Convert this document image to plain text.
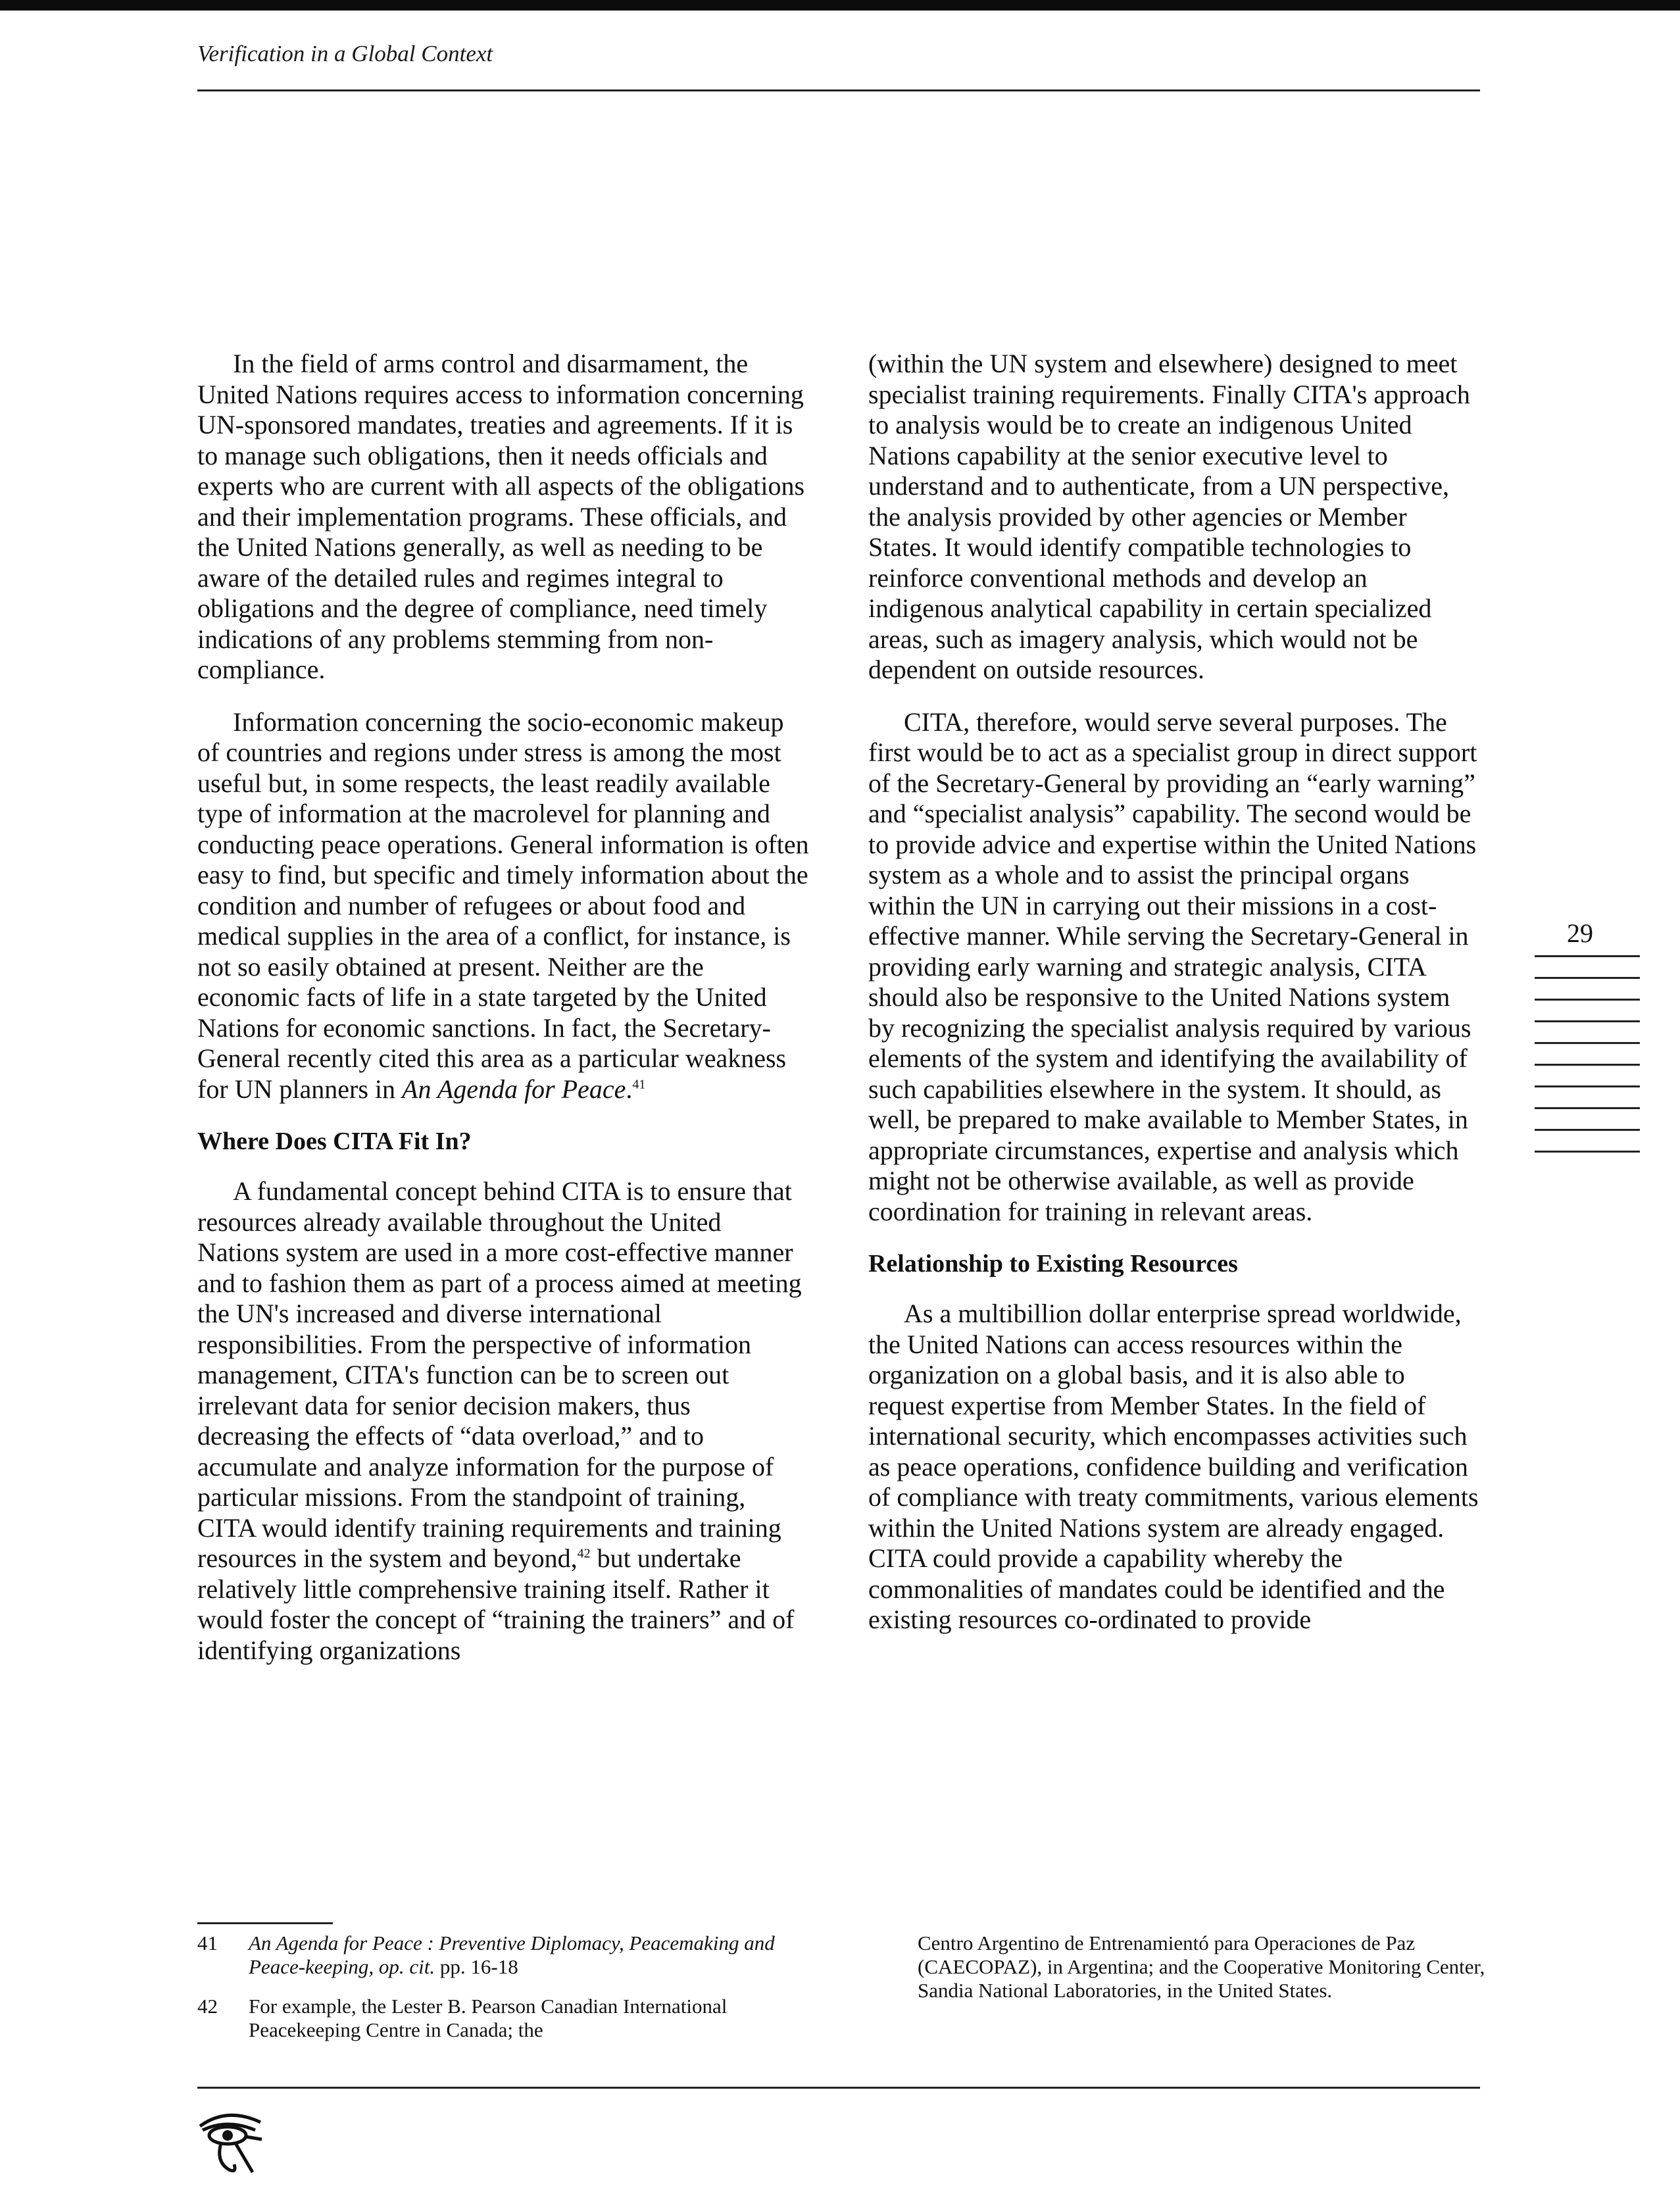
Verification in a Global Context

In the field of arms control and disarmament, the United Nations requires access to information concerning UN-sponsored mandates, treaties and agreements. If it is to manage such obligations, then it needs officials and experts who are current with all aspects of the obligations and their implementation programs. These officials, and the United Nations generally, as well as needing to be aware of the detailed rules and regimes integral to obligations and the degree of compliance, need timely indications of any problems stemming from non-compliance.

Information concerning the socio-economic makeup of countries and regions under stress is among the most useful but, in some respects, the least readily available type of information at the macrolevel for planning and conducting peace operations. General information is often easy to find, but specific and timely information about the condition and number of refugees or about food and medical supplies in the area of a conflict, for instance, is not so easily obtained at present. Neither are the economic facts of life in a state targeted by the United Nations for economic sanctions. In fact, the Secretary-General recently cited this area as a particular weakness for UN planners in An Agenda for Peace.$^{41}$

Where Does CITA Fit In?

A fundamental concept behind CITA is to ensure that resources already available throughout the United Nations system are used in a more cost-effective manner and to fashion them as part of a process aimed at meeting the UN's increased and diverse international responsibilities. From the perspective of information management, CITA's function can be to screen out irrelevant data for senior decision makers, thus decreasing the effects of “data overload,” and to accumulate and analyze information for the purpose of particular missions. From the standpoint of training, CITA would identify training requirements and training resources in the system and beyond,$^{42}$ but undertake relatively little comprehensive training itself. Rather it would foster the concept of “training the trainers” and of identifying organizations

(within the UN system and elsewhere) designed to meet specialist training requirements. Finally CITA's approach to analysis would be to create an indigenous United Nations capability at the senior executive level to understand and to authenticate, from a UN perspective, the analysis provided by other agencies or Member States. It would identify compatible technologies to reinforce conventional methods and develop an indigenous analytical capability in certain specialized areas, such as imagery analysis, which would not be dependent on outside resources.

CITA, therefore, would serve several purposes. The first would be to act as a specialist group in direct support of the Secretary-General by providing an “early warning” and “specialist analysis” capability. The second would be to provide advice and expertise within the United Nations system as a whole and to assist the principal organs within the UN in carrying out their missions in a cost-effective manner. While serving the Secretary-General in providing early warning and strategic analysis, CITA should also be responsive to the United Nations system by recognizing the specialist analysis required by various elements of the system and identifying the availability of such capabilities elsewhere in the system. It should, as well, be prepared to make available to Member States, in appropriate circumstances, expertise and analysis which might not be otherwise available, as well as provide coordination for training in relevant areas.

Relationship to Existing Resources

As a multibillion dollar enterprise spread worldwide, the United Nations can access resources within the organization on a global basis, and it is also able to request expertise from Member States. In the field of international security, which encompasses activities such as peace operations, confidence building and verification of compliance with treaty commitments, various elements within the United Nations system are already engaged. CITA could provide a capability whereby the commonalities of mandates could be identified and the existing resources co-ordinated to provide

29
41	An Agenda for Peace : Preventive Diplomacy, Peacemaking and Peace-keeping, op. cit. pp. 16-18
42	For example, the Lester B. Pearson Canadian International Peacekeeping Centre in Canada; the

Centro Argentino de Entrenamientó para Operaciones de Paz (CAECOPAZ), in Argentina; and the Cooperative Monitoring Center, Sandia National Laboratories, in the United States.
